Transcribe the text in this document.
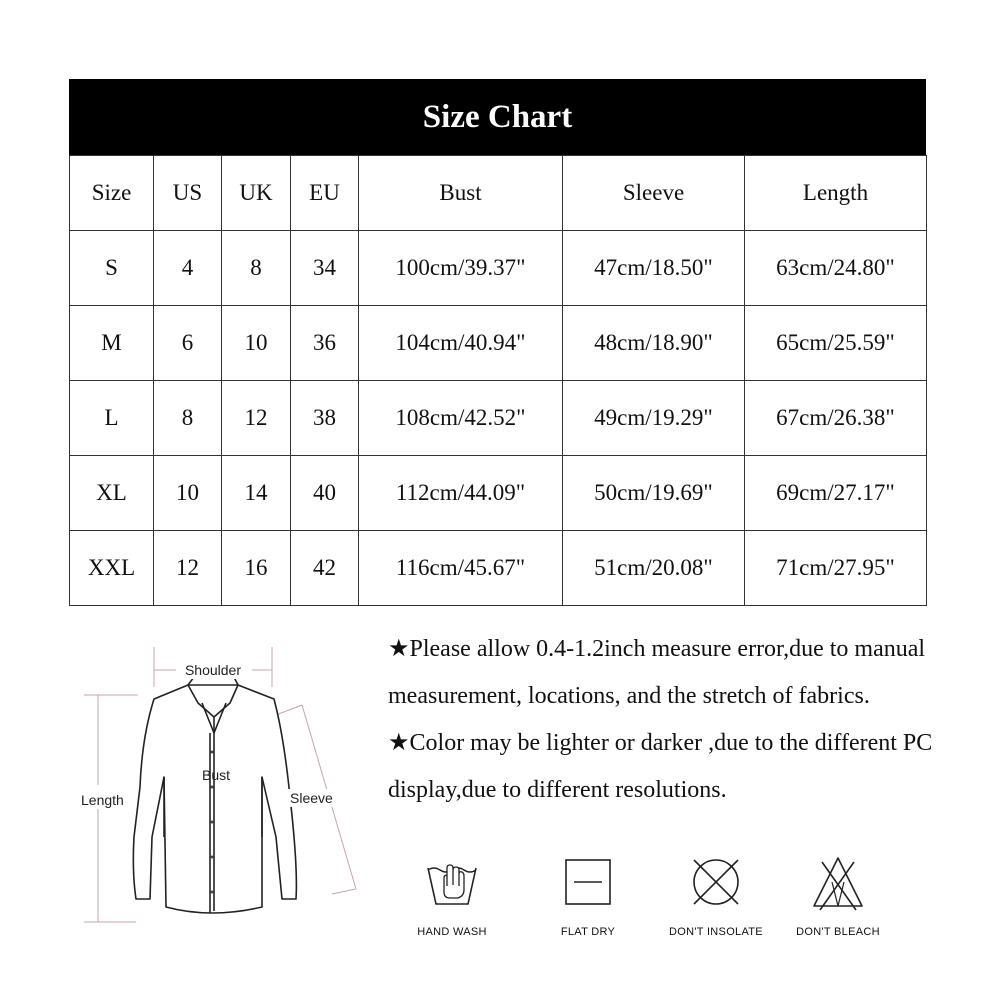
Size Chart
Size	US	UK	EU	Bust	Sleeve	Length
S	4	8	34	100cm/39.37"	47cm/18.50"	63cm/24.80"
M	6	10	36	104cm/40.94"	48cm/18.90"	65cm/25.59"
L	8	12	38	108cm/42.52"	49cm/19.29"	67cm/26.38"
XL	10	14	40	112cm/44.09"	50cm/19.69"	69cm/27.17"
XXL	12	16	42	116cm/45.67"	51cm/20.08"	71cm/27.95"
Shoulder
Bust
Length	Sleeve

★Please allow 0.4-1.2inch measure error,due to manual measurement, locations, and the stretch of fabrics.

★Color may be lighter or darker ,due to the different PC display,due to different resolutions.

HAND WASH	FLAT DRY	DON'T INSOLATE	DON'T BLEACH
